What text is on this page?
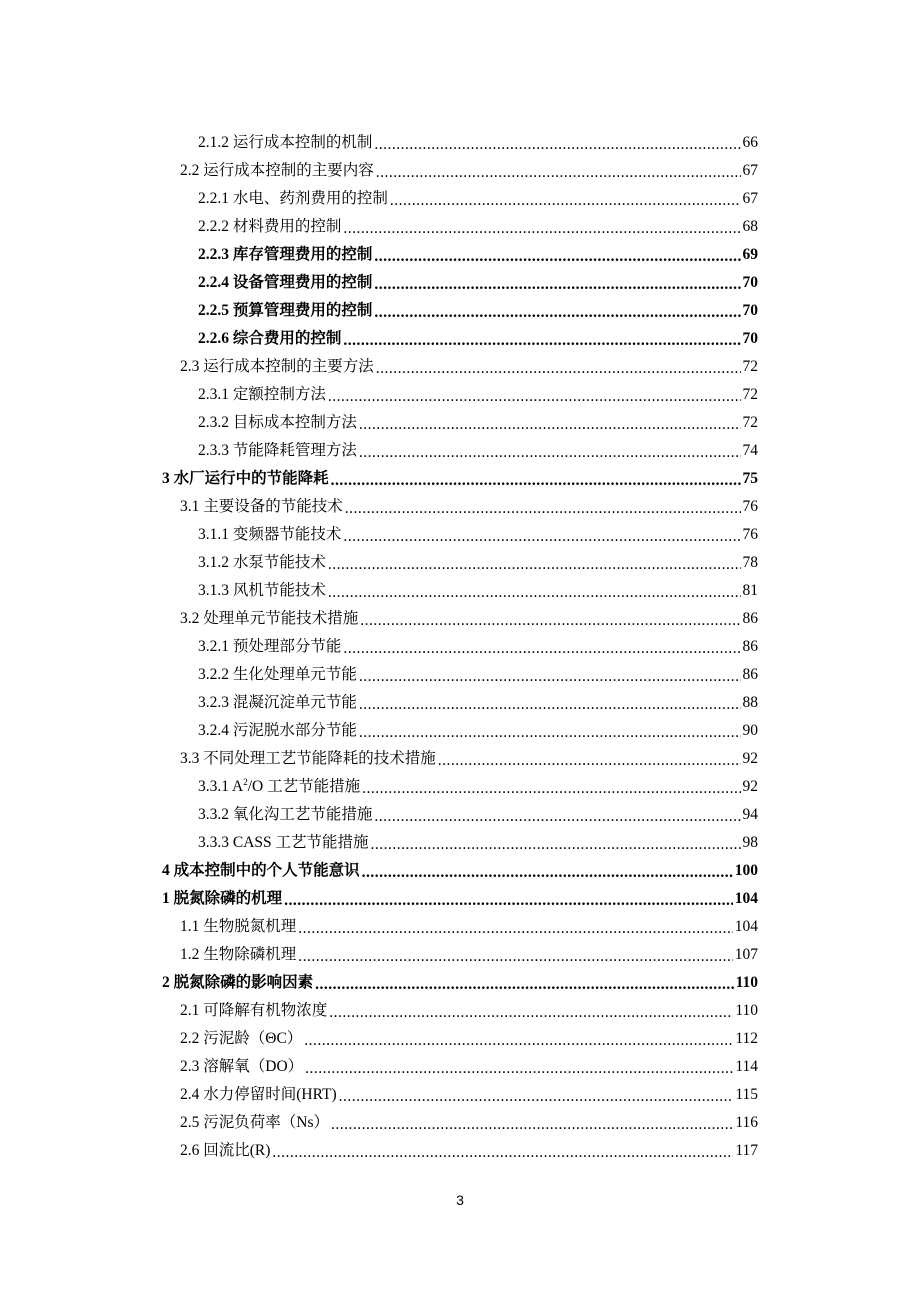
2.1.2 运行成本控制的机制 .....	66
2.2 运行成本控制的主要内容 .....	67
2.2.1 水电、药剂费用的控制 .....	67
2.2.2 材料费用的控制 .....	68
2.2.3 库存管理费用的控制 .....	69
2.2.4 设备管理费用的控制 .....	70
2.2.5 预算管理费用的控制 .....	70
2.2.6 综合费用的控制 .....	70
2.3 运行成本控制的主要方法 .....	72
2.3.1 定额控制方法 .....	72
2.3.2 目标成本控制方法 .....	72
2.3.3 节能降耗管理方法 .....	74
3 水厂运行中的节能降耗 .....	75
3.1 主要设备的节能技术 .....	76
3.1.1 变频器节能技术 .....	76
3.1.2 水泵节能技术 .....	78
3.1.3 风机节能技术 .....	81
3.2 处理单元节能技术措施 .....	86
3.2.1 预处理部分节能 .....	86
3.2.2 生化处理单元节能 .....	86
3.2.3 混凝沉淀单元节能 .....	88
3.2.4 污泥脱水部分节能 .....	90
3.3 不同处理工艺节能降耗的技术措施 .....	92
3.3.1 $A^2/O$ 工艺节能措施 .....	92
3.3.2 氧化沟工艺节能措施 .....	94
3.3.3 CASS 工艺节能措施 .....	98
4 成本控制中的个人节能意识 .....	100
1 脱氮除磷的机理 .....	104
1.1 生物脱氮机理 .....	104
1.2 生物除磷机理 .....	107
2 脱氮除磷的影响因素 .....	110
2.1 可降解有机物浓度 .....	110
2.2 污泥龄（ΘC） .....	112
2.3 溶解氧（DO） .....	114
2.4 水力停留时间(HRT) .....	115
2.5 污泥负荷率（Ns） .....	116
2.6 回流比(R) .....	117
3
